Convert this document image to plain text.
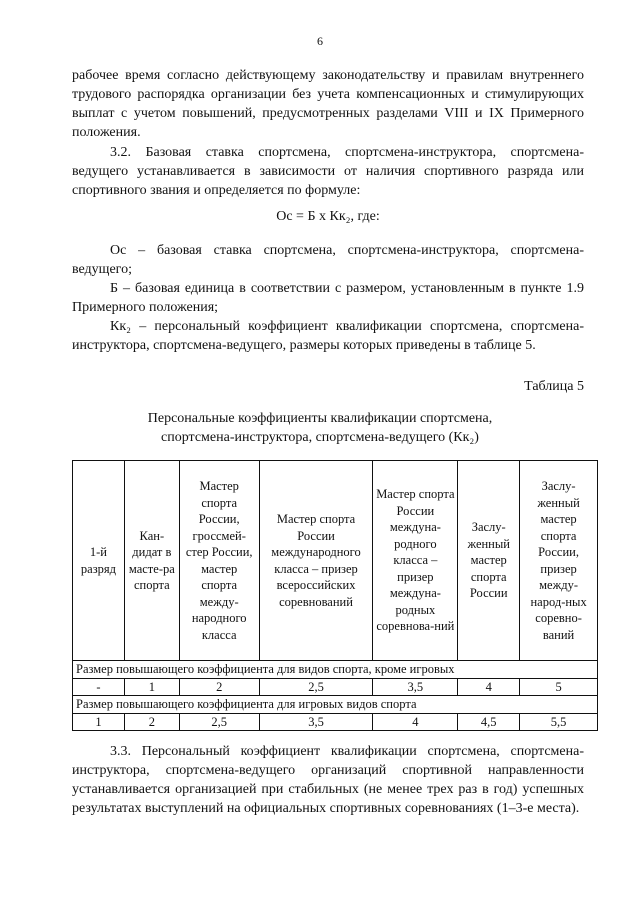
6

рабочее время согласно действующему законодательству и правилам внутреннего трудового распорядка организации без учета компенсационных и стимулирующих выплат с учетом повышений, предусмотренных разделами VIII и IX Примерного положения.

3.2. Базовая ставка спортсмена, спортсмена-инструктора, спортсмена-ведущего устанавливается в зависимости от наличия спортивного разряда или спортивного звания и определяется по формуле:

Ос = Б х Кк₂, где:

Ос – базовая ставка спортсмена, спортсмена-инструктора, спортсмена-ведущего;

Б – базовая единица в соответствии с размером, установленным в пункте 1.9 Примерного положения;

Кк₂ – персональный коэффициент квалификации спортсмена, спортсмена-инструктора, спортсмена-ведущего, размеры которых приведены в таблице 5.

Таблица 5

Персональные коэффициенты квалификации спортсмена, спортсмена-инструктора, спортсмена-ведущего (Кк₂)

1-й разряд	Кан-дидат в масте-ра спорта	Мастер спорта России, гроссмей-стер России, мастер спорта между-народного класса	Мастер спорта России международного класса – призер всероссийских соревнований	Мастер спорта России междуна-родного класса – призер междуна-родных соревнова-ний	Заслу-женный мастер спорта России	Заслу-женный мастер спорта России, призер между-народ-ных соревно-ваний
Размер повышающего коэффициента для видов спорта, кроме игровых						
-	1	2	2,5	3,5	4	5
Размер повышающего коэффициента для игровых видов спорта						
1	2	2,5	3,5	4	4,5	5,5

3.3. Персональный коэффициент квалификации спортсмена, спортсмена-инструктора, спортсмена-ведущего организаций спортивной направленности устанавливается организацией при стабильных (не менее трех раз в год) успешных результатах выступлений на официальных спортивных соревнованиях (1–3-е места).
